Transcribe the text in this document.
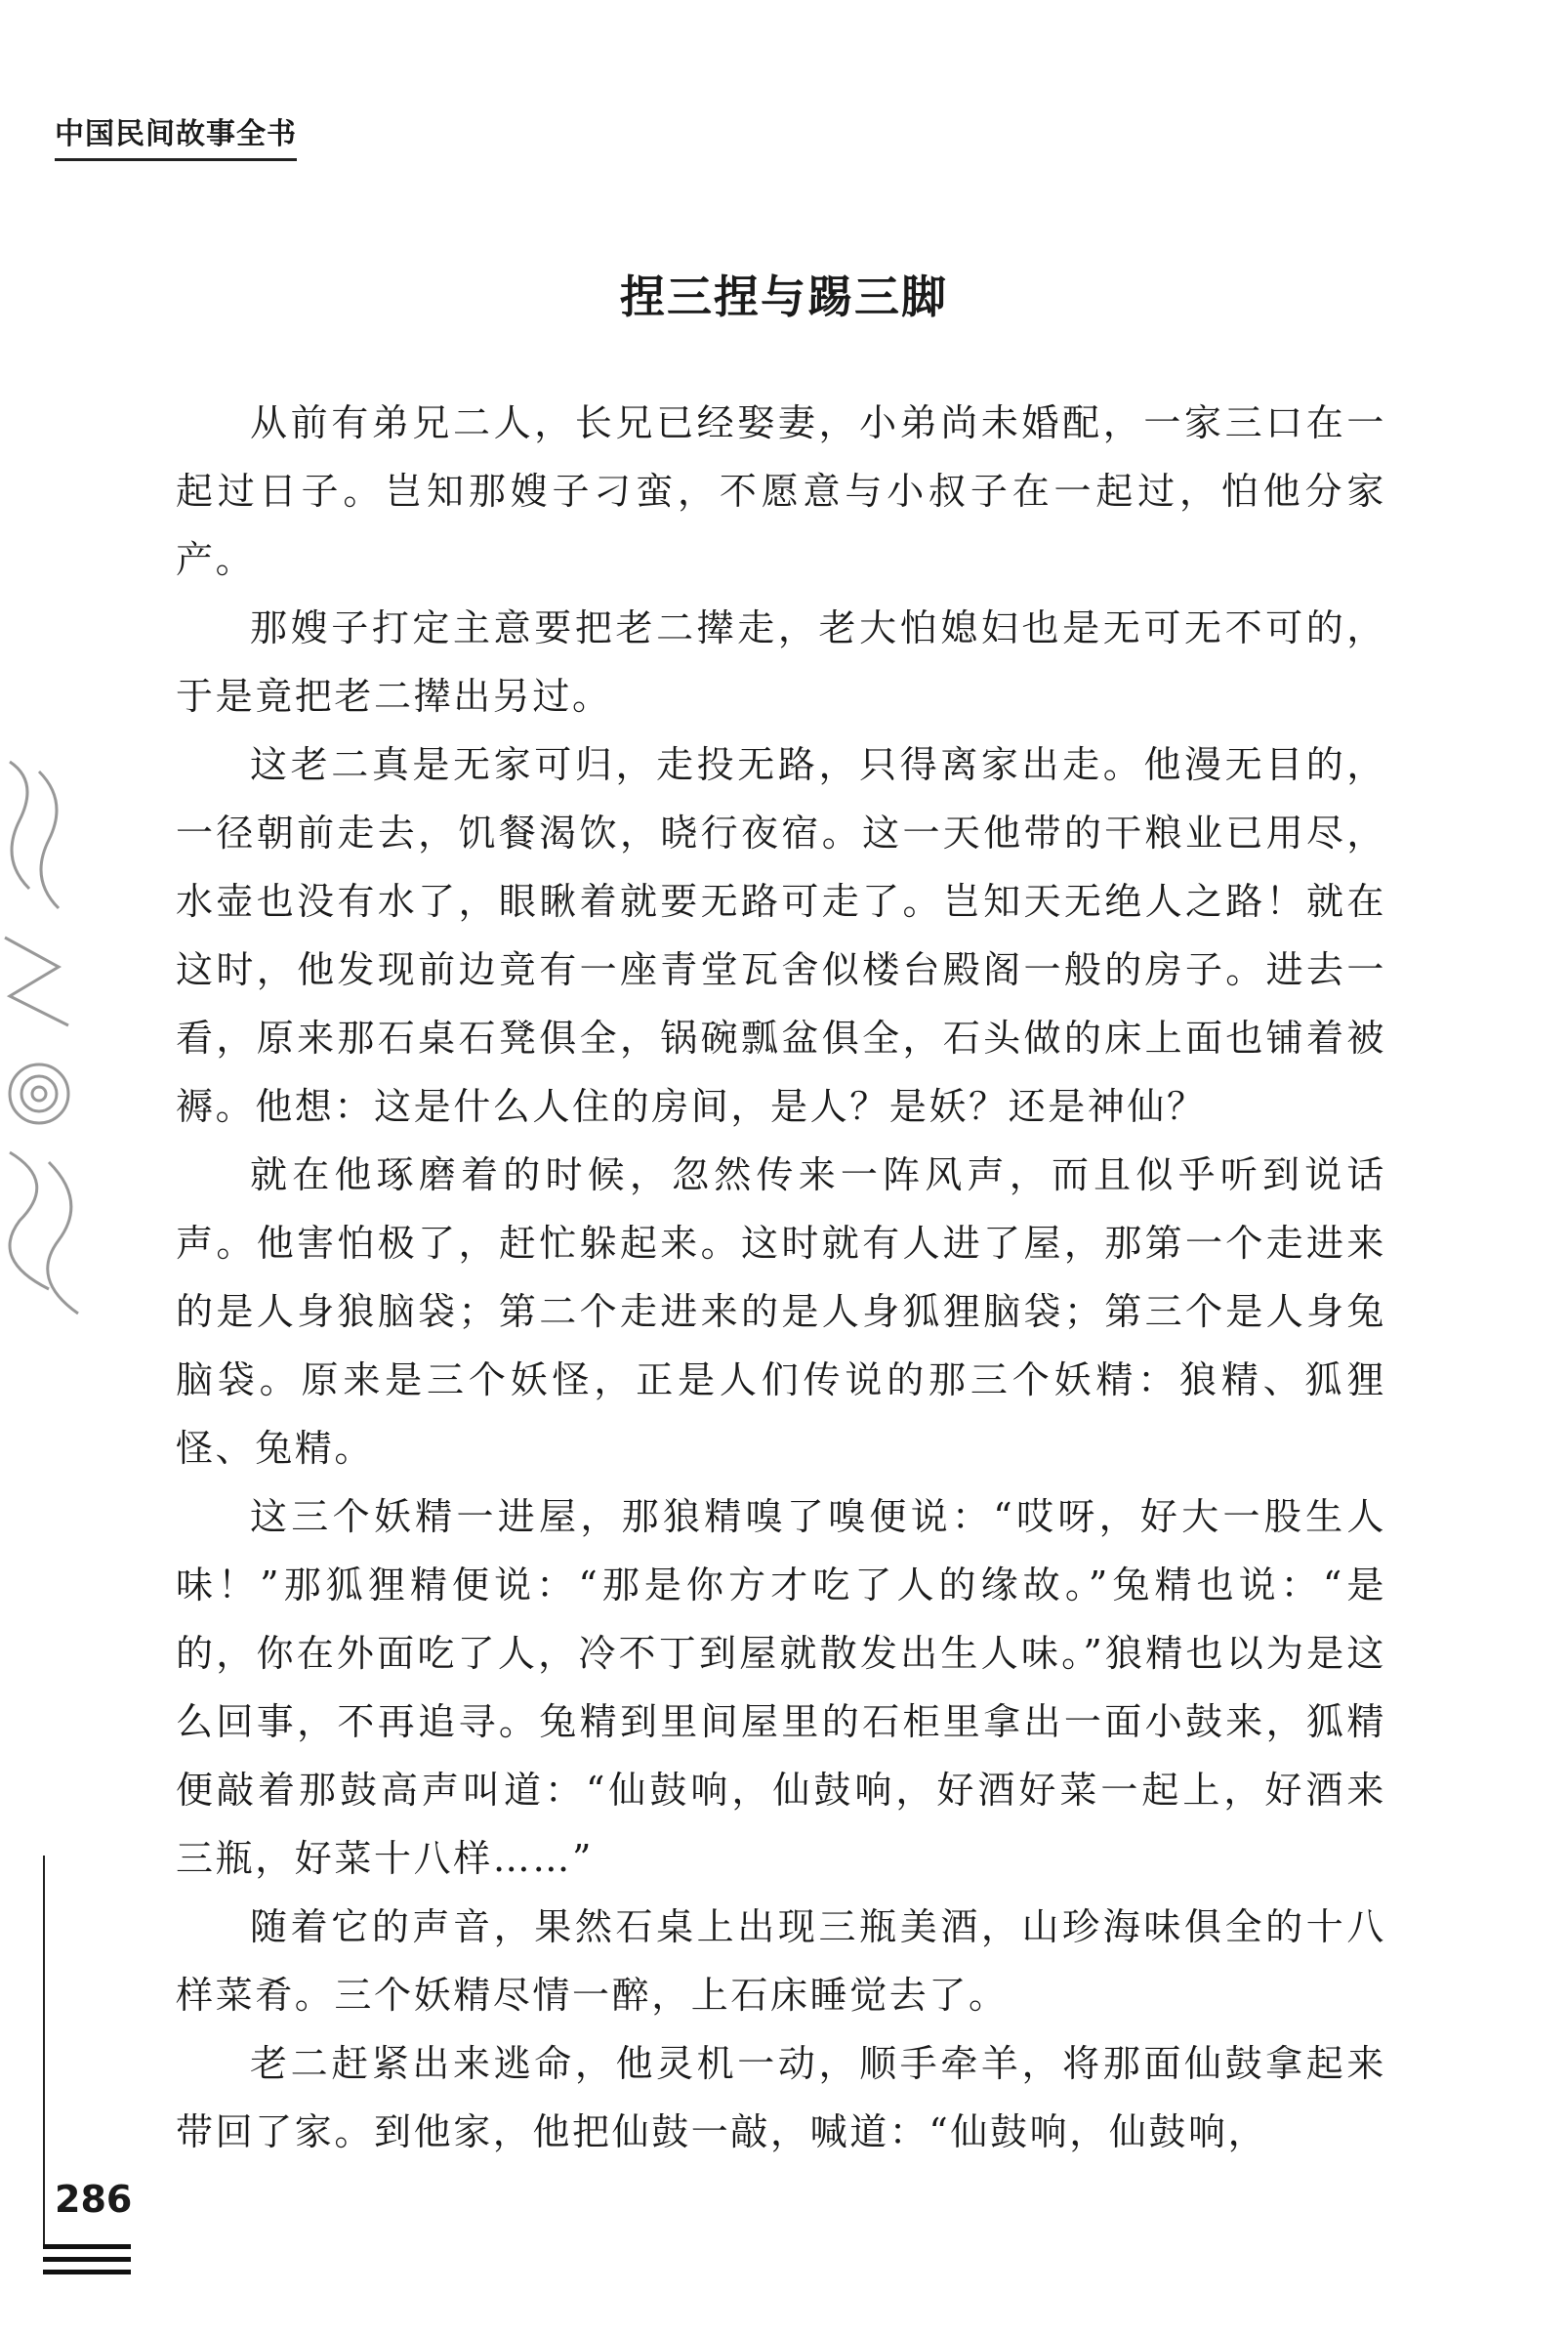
中国民间故事全书
捏三捏与踢三脚

从前有弟兄二人，长兄已经娶妻，小弟尚未婚配，一家三口在一起过日子。岂知那嫂子刁蛮，不愿意与小叔子在一起过，怕他分家产。

那嫂子打定主意要把老二撵走，老大怕媳妇也是无可无不可的，于是竟把老二撵出另过。

这老二真是无家可归，走投无路，只得离家出走。他漫无目的，一径朝前走去，饥餐渴饮，晓行夜宿。这一天他带的干粮业已用尽，水壶也没有水了，眼瞅着就要无路可走了。岂知天无绝人之路！就在这时，他发现前边竟有一座青堂瓦舍似楼台殿阁一般的房子。进去一看，原来那石桌石凳俱全，锅碗瓢盆俱全，石头做的床上面也铺着被褥。他想：这是什么人住的房间，是人？是妖？还是神仙？

就在他琢磨着的时候，忽然传来一阵风声，而且似乎听到说话声。他害怕极了，赶忙躲起来。这时就有人进了屋，那第一个走进来的是人身狼脑袋；第二个走进来的是人身狐狸脑袋；第三个是人身兔脑袋。原来是三个妖怪，正是人们传说的那三个妖精：狼精、狐狸怪、兔精。

这三个妖精一进屋，那狼精嗅了嗅便说：“哎呀，好大一股生人味！”那狐狸精便说：“那是你方才吃了人的缘故。”兔精也说：“是的，你在外面吃了人，冷不丁到屋就散发出生人味。”狼精也以为是这么回事，不再追寻。兔精到里间屋里的石柜里拿出一面小鼓来，狐精便敲着那鼓高声叫道：“仙鼓响，仙鼓响，好酒好菜一起上，好酒来三瓶，好菜十八样……”

随着它的声音，果然石桌上出现三瓶美酒，山珍海味俱全的十八样菜肴。三个妖精尽情一醉，上石床睡觉去了。

老二赶紧出来逃命，他灵机一动，顺手牵羊，将那面仙鼓拿起来带回了家。到他家，他把仙鼓一敲，喊道：“仙鼓响，仙鼓响，

286
